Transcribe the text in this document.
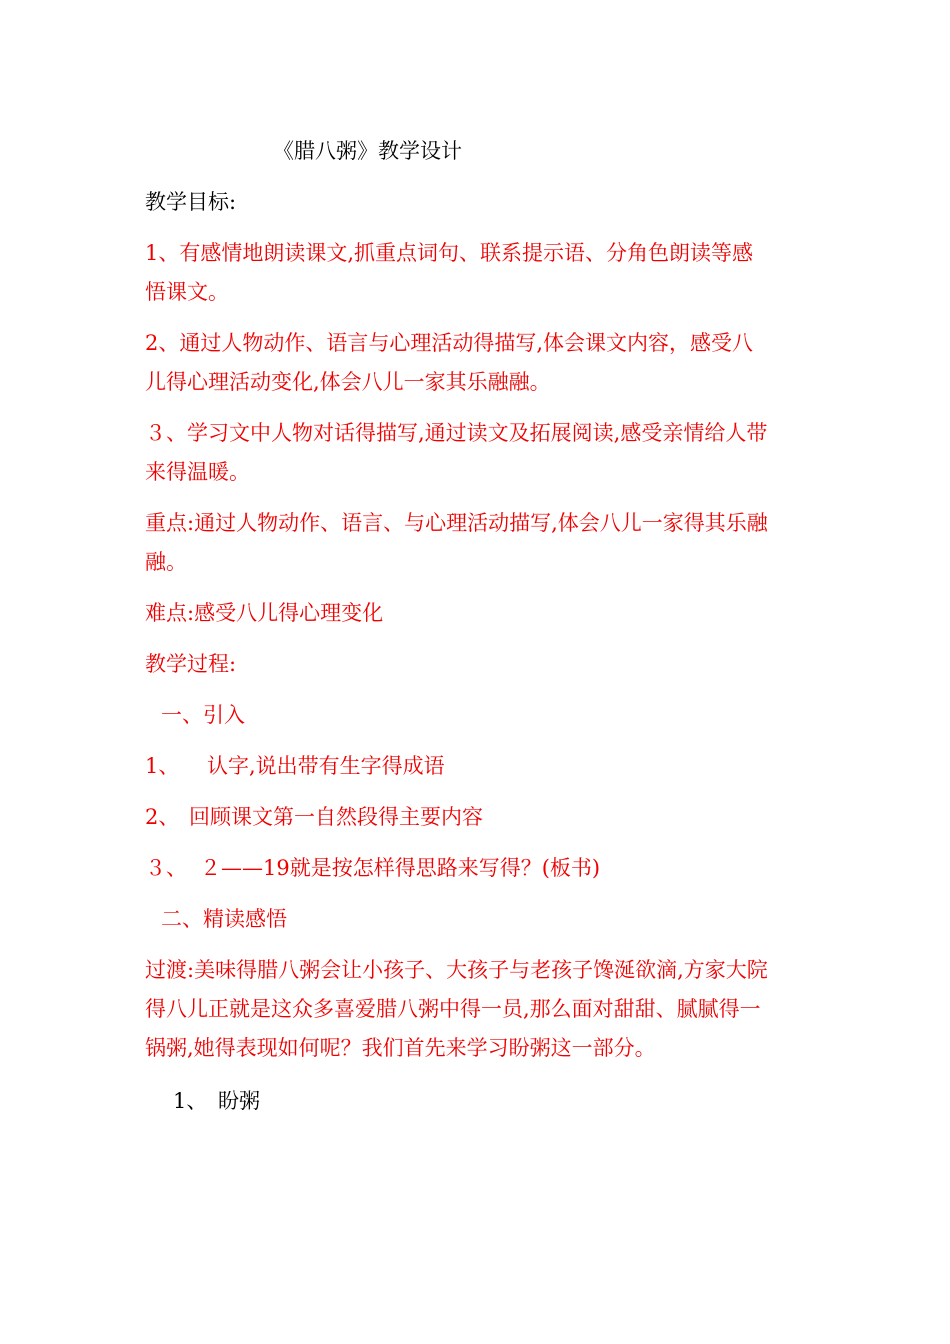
《腊八粥》教学设计
教学目标:
1、有感情地朗读课文,抓重点词句、联系提示语、分角色朗读等感
悟课文。
2、通过人物动作、语言与心理活动得描写,体会课文内容，感受八
儿得心理活动变化,体会八儿一家其乐融融。
３、学习文中人物对话得描写,通过读文及拓展阅读,感受亲情给人带
来得温暖。
重点:通过人物动作、语言、与心理活动描写,体会八儿一家得其乐融
融。
难点:感受八儿得心理变化
教学过程:
一、引入
1、 认字,说出带有生字得成语
2、 回顾课文第一自然段得主要内容
３、 ２——19就是按怎样得思路来写得？(板书)
二、精读感悟
过渡:美味得腊八粥会让小孩子、大孩子与老孩子馋涎欲滴,方家大院
得八儿正就是这众多喜爱腊八粥中得一员,那么面对甜甜、腻腻得一
锅粥,她得表现如何呢？我们首先来学习盼粥这一部分。
1、 盼粥
